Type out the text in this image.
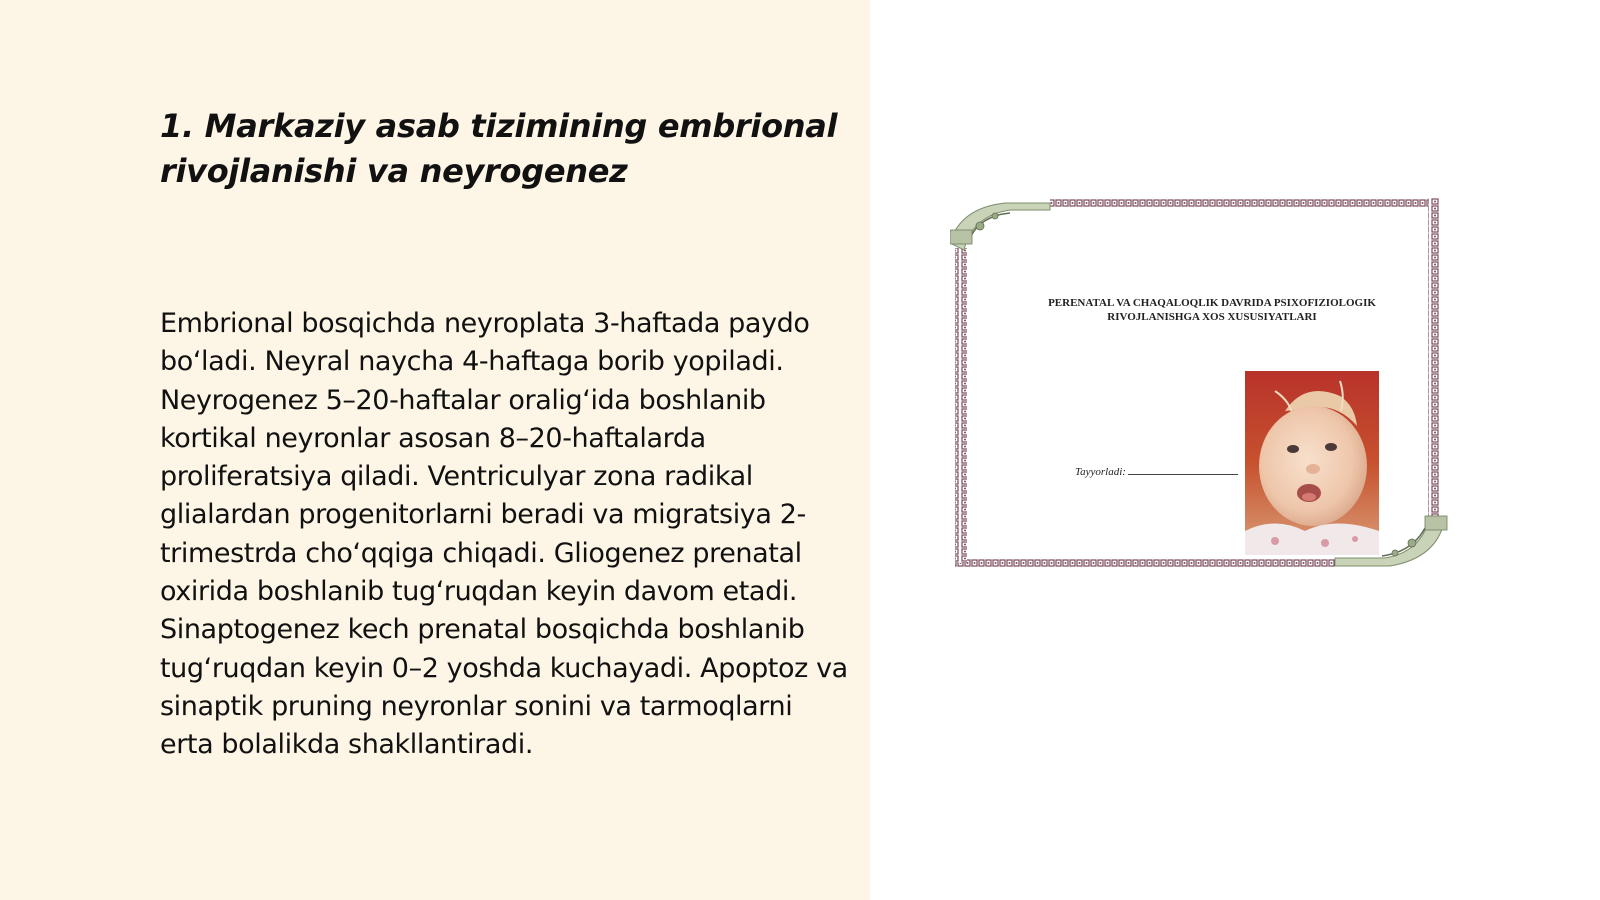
1. Markaziy asab tizimining embrional rivojlanishi va neyrogenez

Embrional bosqichda neyroplata 3-haftada paydo bo‘ladi. Neyral naycha 4-haftaga borib yopiladi. Neyrogenez 5–20-haftalar oralig‘ida boshlanib kortikal neyronlar asosan 8–20-haftalarda proliferatsiya qiladi. Ventriculyar zona radikal glialardan progenitorlarni beradi va migratsiya 2-trimestrda cho‘qqiga chiqadi. Gliogenez prenatal oxirida boshlanib tug‘ruqdan keyin davom etadi. Sinaptogenez kech prenatal bosqichda boshlanib tug‘ruqdan keyin 0–2 yoshda kuchayadi. Apoptoz va sinaptik pruning neyronlar sonini va tarmoqlarni erta bolalikda shakllantiradi.

PERENATAL VA CHAQALOQLIK DAVRIDA PSIXOFIZIOLOGIK RIVOJLANISHGA XOS XUSUSIYATLARI

Tayyorladi:
